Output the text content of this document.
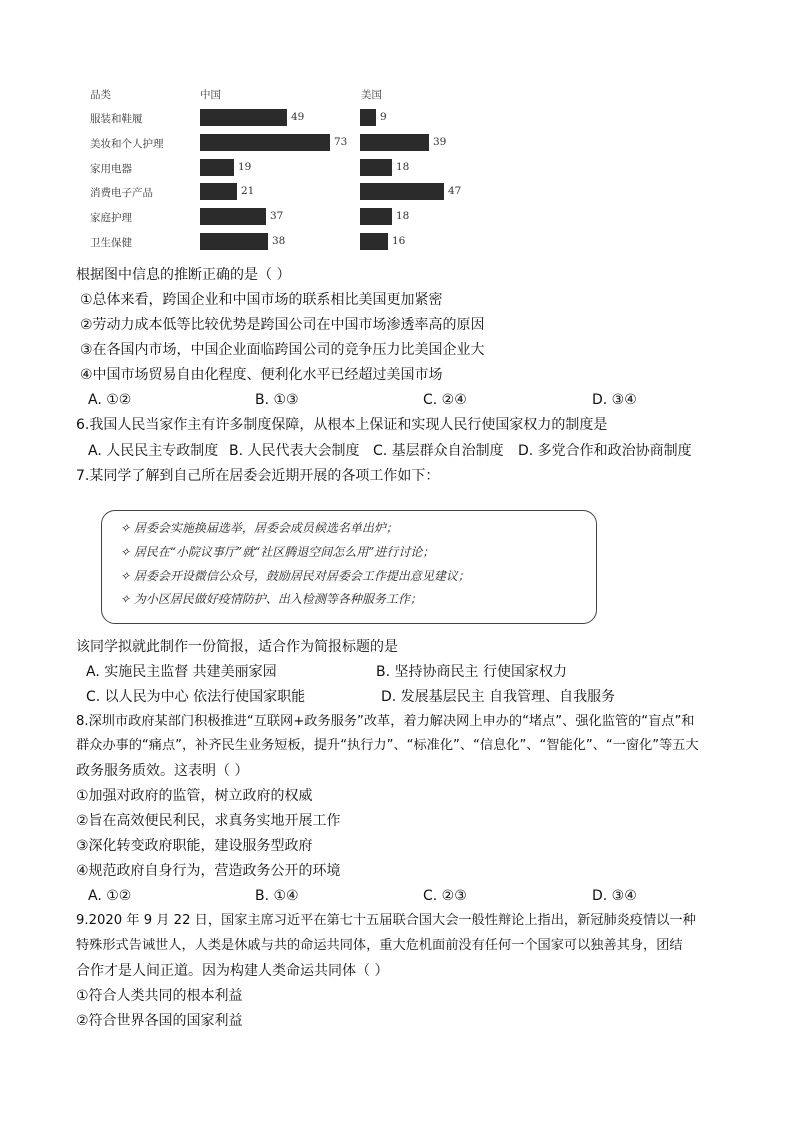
品类	中国	美国
服装和鞋履	49	9
美妆和个人护理	73	39
家用电器	19	18
消费电子产品	21	47
家庭护理	37	18
卫生保健	38	16
根据图中信息的推断正确的是（ ）
①总体来看，跨国企业和中国市场的联系相比美国更加紧密
②劳动力成本低等比较优势是跨国公司在中国市场渗透率高的原因
③在各国内市场，中国企业面临跨国公司的竞争压力比美国企业大
④中国市场贸易自由化程度、便利化水平已经超过美国市场
A. ①②	B. ①③	C. ②④	D. ③④
6.我国人民当家作主有许多制度保障，从根本上保证和实现人民行使国家权力的制度是
A. 人民民主专政制度 B. 人民代表大会制度 C. 基层群众自治制度 D. 多党合作和政治协商制度
7.某同学了解到自己所在居委会近期开展的各项工作如下：
✧ 居委会实施换届选举，居委会成员候选名单出炉；
✧ 居民在“小院议事厅”就“社区腾退空间怎么用”进行讨论；
✧ 居委会开设微信公众号，鼓励居民对居委会工作提出意见建议；
✧ 为小区居民做好疫情防护、出入检测等各种服务工作；
该同学拟就此制作一份简报，适合作为简报标题的是
A. 实施民主监督 共建美丽家园	B. 坚持协商民主 行使国家权力
C. 以人民为中心 依法行使国家职能	D. 发展基层民主 自我管理、自我服务
8.深圳市政府某部门积极推进“互联网+政务服务”改革，着力解决网上申办的“堵点”、强化监管的“盲点”和
群众办事的“痛点”，补齐民生业务短板，提升“执行力”、“标准化”、“信息化”、“智能化”、“一窗化”等五大
政务服务质效。这表明（ ）
①加强对政府的监管，树立政府的权威
②旨在高效便民利民，求真务实地开展工作
③深化转变政府职能，建设服务型政府
④规范政府自身行为，营造政务公开的环境
A. ①②	B. ①④	C. ②③	D. ③④
9.2020 年 9 月 22 日，国家主席习近平在第七十五届联合国大会一般性辩论上指出，新冠肺炎疫情以一种
特殊形式告诫世人，人类是休戚与共的命运共同体，重大危机面前没有任何一个国家可以独善其身，团结
合作才是人间正道。因为构建人类命运共同体（ ）
①符合人类共同的根本利益
②符合世界各国的国家利益
